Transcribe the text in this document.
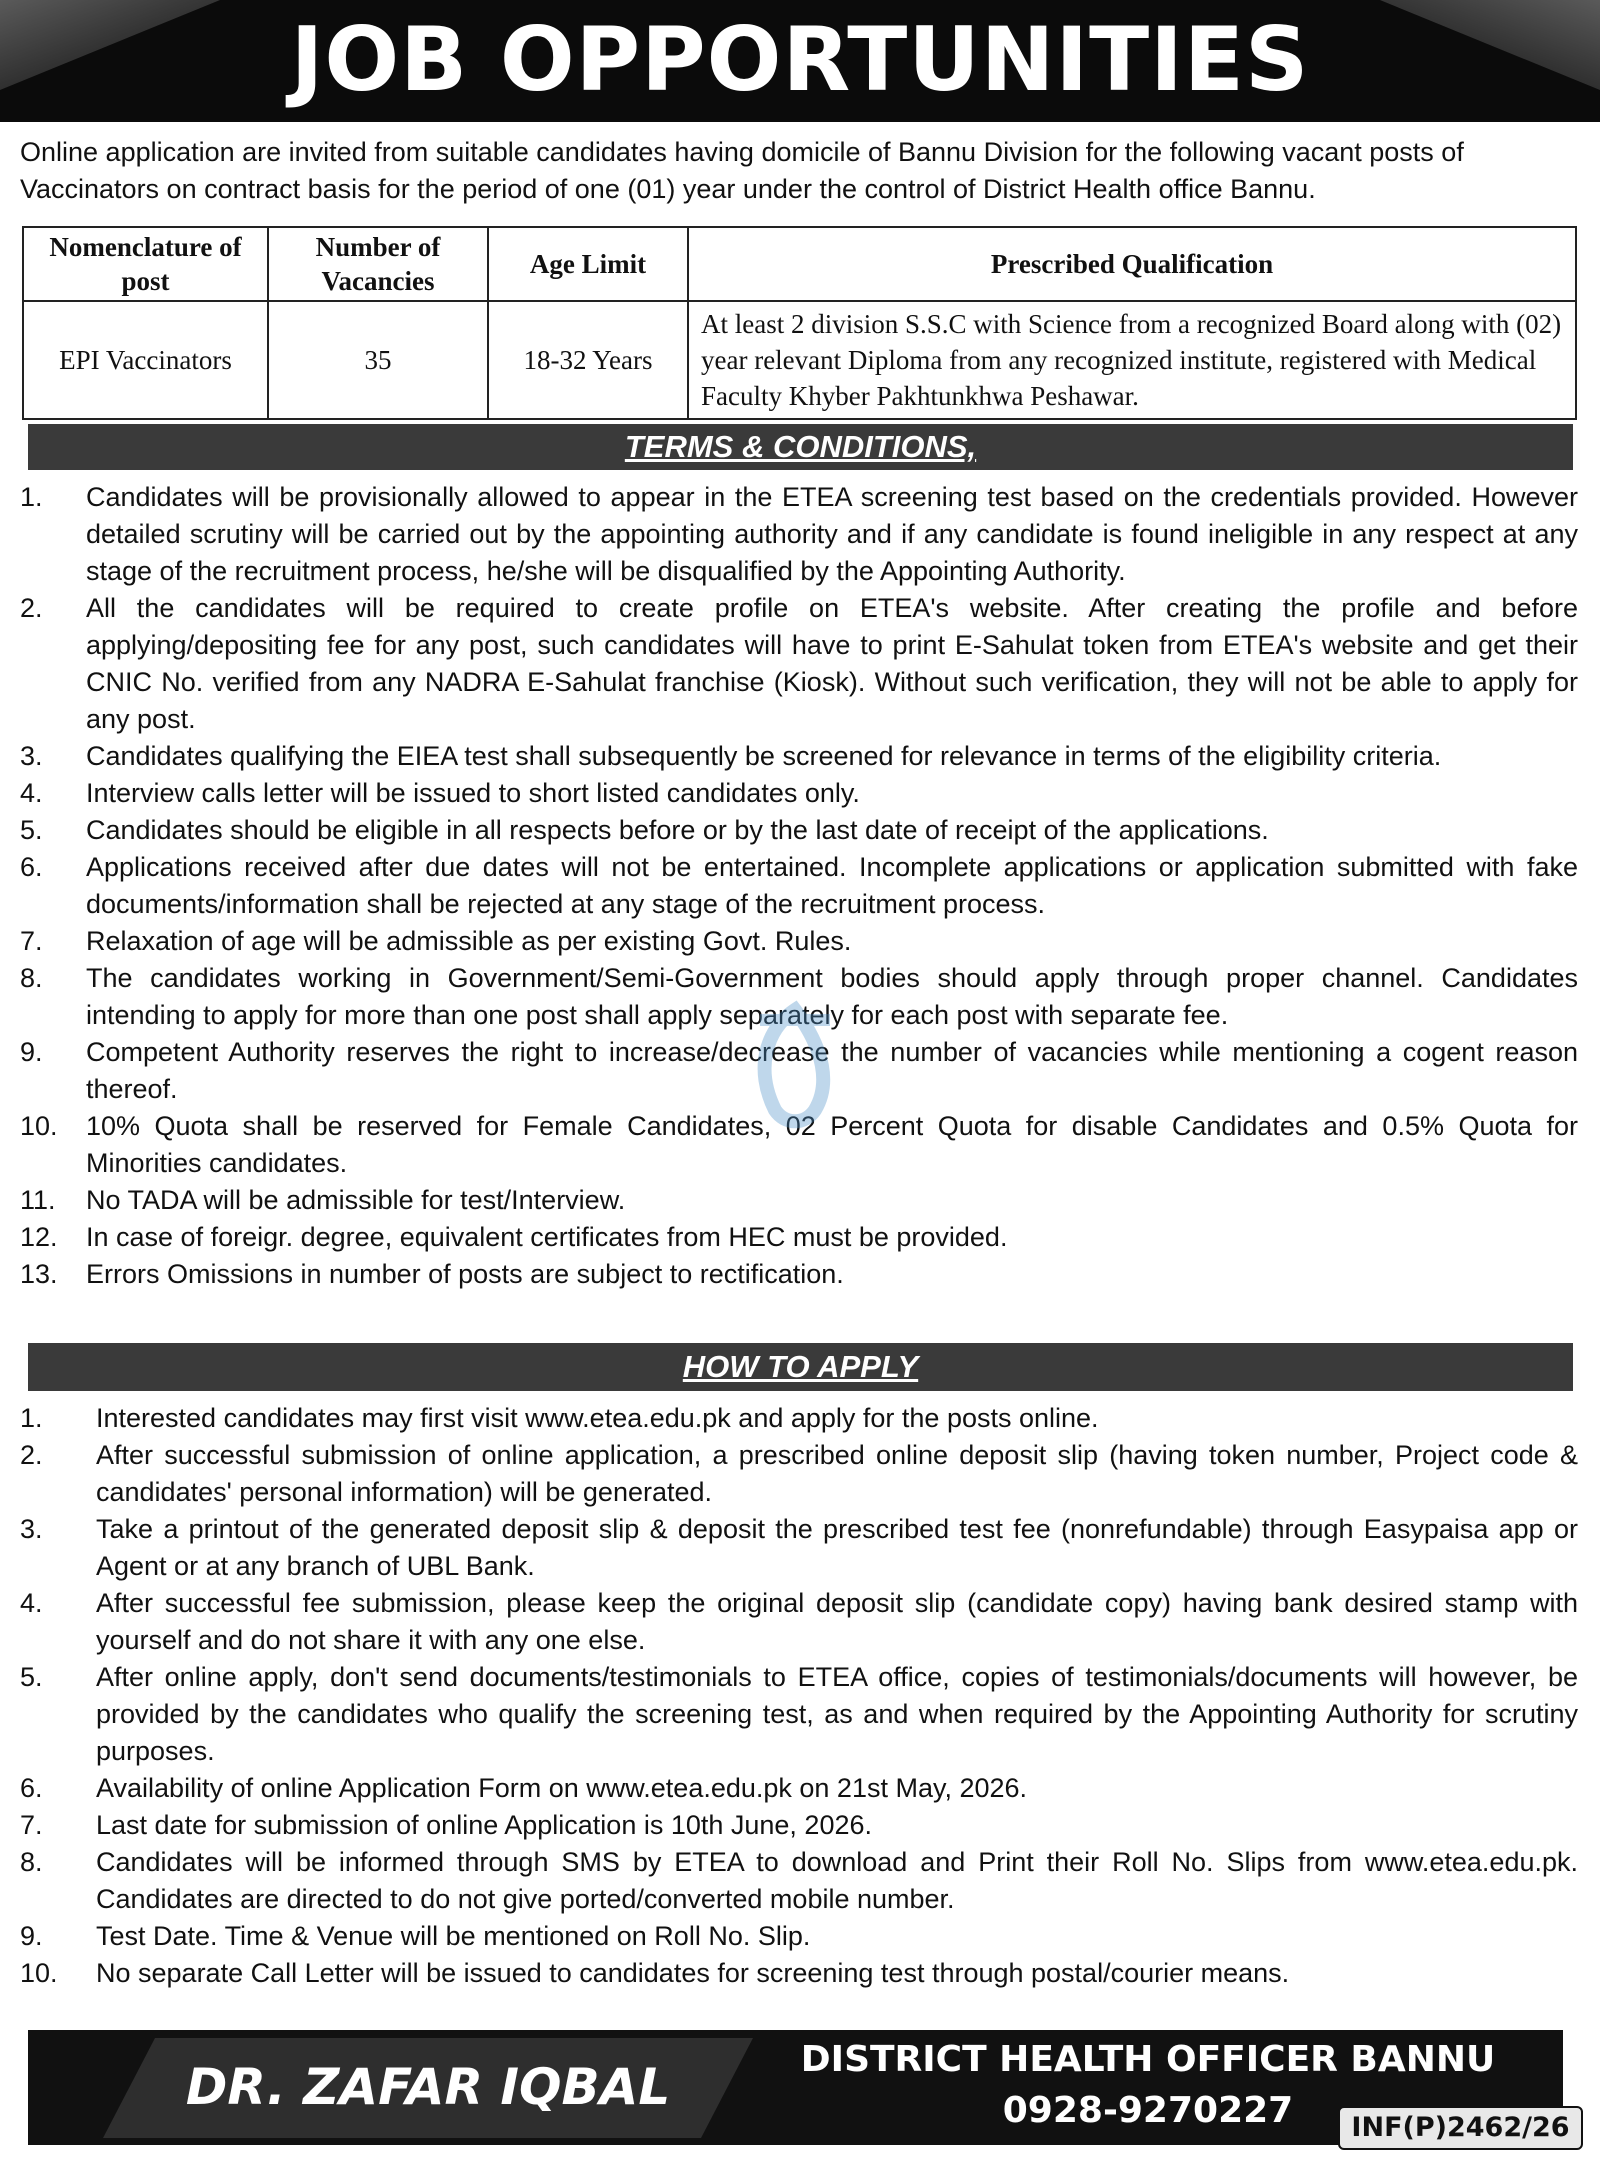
JOB OPPORTUNITIES

Online application are invited from suitable candidates having domicile of Bannu Division for the following vacant posts of Vaccinators on contract basis for the period of one (01) year under the control of District Health office Bannu.

Nomenclature of post	Number of Vacancies	Age Limit	Prescribed Qualification
EPI Vaccinators	35	18-32 Years	At least 2 division S.S.C with Science from a recognized Board along with (02) year relevant Diploma from any recognized institute, registered with Medical Faculty Khyber Pakhtunkhwa Peshawar.
TERMS & CONDITIONS,
1.	Candidates will be provisionally allowed to appear in the ETEA screening test based on the credentials provided. However detailed scrutiny will be carried out by the appointing authority and if any candidate is found ineligible in any respect at any stage of the recruitment process, he/she will be disqualified by the Appointing Authority.
2.	All the candidates will be required to create profile on ETEA's website. After creating the profile and before applying/depositing fee for any post, such candidates will have to print E-Sahulat token from ETEA's website and get their CNIC No. verified from any NADRA E-Sahulat franchise (Kiosk). Without such verification, they will not be able to apply for any post.
3.	Candidates qualifying the EIEA test shall subsequently be screened for relevance in terms of the eligibility criteria.
4.	Interview calls letter will be issued to short listed candidates only.
5.	Candidates should be eligible in all respects before or by the last date of receipt of the applications.
6.	Applications received after due dates will not be entertained. Incomplete applications or application submitted with fake documents/information shall be rejected at any stage of the recruitment process.
7.	Relaxation of age will be admissible as per existing Govt. Rules.
8.	The candidates working in Government/Semi-Government bodies should apply through proper channel. Candidates intending to apply for more than one post shall apply separately for each post with separate fee.
9.	Competent Authority reserves the right to increase/decrease the number of vacancies while mentioning a cogent reason thereof.
10.	10% Quota shall be reserved for Female Candidates, 02 Percent Quota for disable Candidates and 0.5% Quota for Minorities candidates.
11.	No TADA will be admissible for test/Interview.
12.	In case of foreigr. degree, equivalent certificates from HEC must be provided.
13.	Errors Omissions in number of posts are subject to rectification.
HOW TO APPLY
1.	Interested candidates may first visit www.etea.edu.pk and apply for the posts online.
2.	After successful submission of online application, a prescribed online deposit slip (having token number, Project code & candidates' personal information) will be generated.
3.	Take a printout of the generated deposit slip & deposit the prescribed test fee (nonrefundable) through Easypaisa app or Agent or at any branch of UBL Bank.
4.	After successful fee submission, please keep the original deposit slip (candidate copy) having bank desired stamp with yourself and do not share it with any one else.
5.	After online apply, don't send documents/testimonials to ETEA office, copies of testimonials/documents will however, be provided by the candidates who qualify the screening test, as and when required by the Appointing Authority for scrutiny purposes.
6.	Availability of online Application Form on www.etea.edu.pk on 21st May, 2026.
7.	Last date for submission of online Application is 10th June, 2026.
8.	Candidates will be informed through SMS by ETEA to download and Print their Roll No. Slips from www.etea.edu.pk. Candidates are directed to do not give ported/converted mobile number.
9.	Test Date. Time & Venue will be mentioned on Roll No. Slip.
10.	No separate Call Letter will be issued to candidates for screening test through postal/courier means.
DR. ZAFAR IQBAL	DISTRICT HEALTH OFFICER BANNU
0928-9270227	INF(P)2462/26
